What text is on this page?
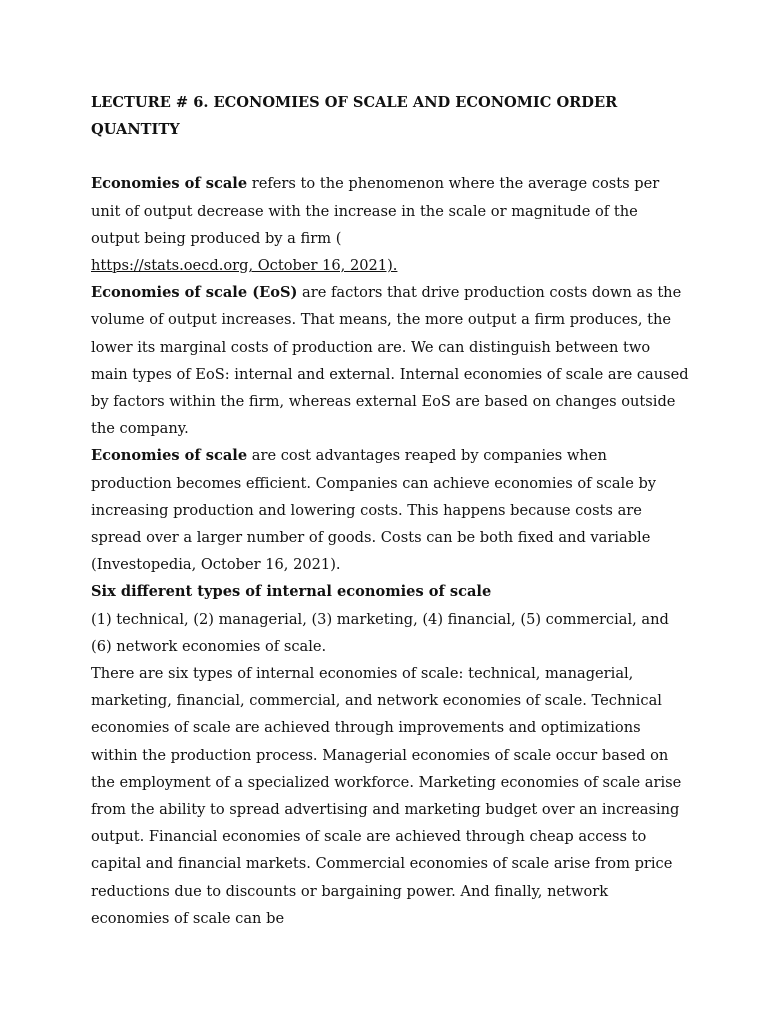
LECTURE # 6. ECONOMIES OF SCALE AND ECONOMIC ORDER QUANTITY

Economies of scale refers to the phenomenon where the average costs per unit of output decrease with the increase in the scale or magnitude of the output being produced by a firm (
https://stats.oecd.org, October 16, 2021).

Economies of scale (EoS) are factors that drive production costs down as the volume of output increases. That means, the more output a firm produces, the lower its marginal costs of production are. We can distinguish between two main types of EoS: internal and external. Internal economies of scale are caused by factors within the firm, whereas external EoS are based on changes outside the company.

Economies of scale are cost advantages reaped by companies when production becomes efficient. Companies can achieve economies of scale by increasing production and lowering costs. This happens because costs are spread over a larger number of goods. Costs can be both fixed and variable (Investopedia, October 16, 2021).

Six different types of internal economies of scale

(1) technical, (2) managerial, (3) marketing, (4) financial, (5) commercial, and (6) network economies of scale.

There are six types of internal economies of scale: technical, managerial, marketing, financial, commercial, and network economies of scale. Technical economies of scale are achieved through improvements and optimizations within the production process. Managerial economies of scale occur based on the employment of a specialized workforce. Marketing economies of scale arise from the ability to spread advertising and marketing budget over an increasing output. Financial economies of scale are achieved through cheap access to capital and financial markets. Commercial economies of scale arise from price reductions due to discounts or bargaining power. And finally, network economies of scale can be
